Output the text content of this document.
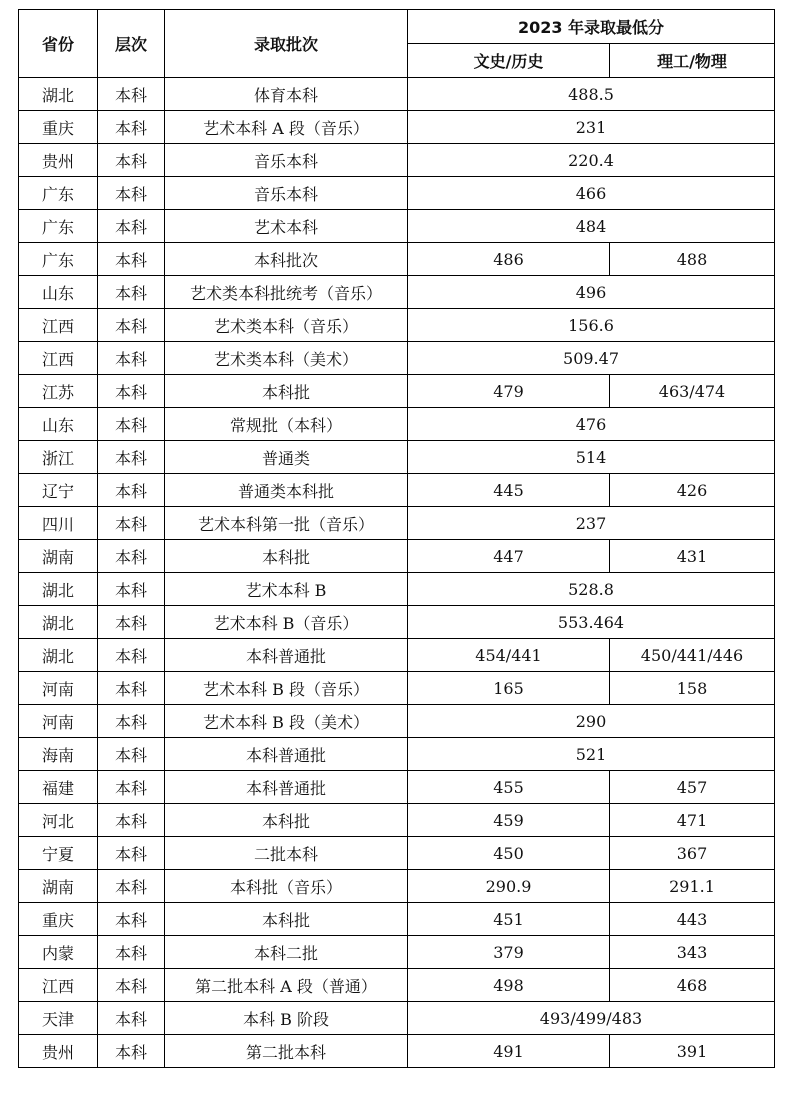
省份	层次	录取批次	2023 年录取最低分	
			文史/历史	理工/物理
湖北	本科	体育本科	488.5	
重庆	本科	艺术本科 A 段（音乐）	231	
贵州	本科	音乐本科	220.4	
广东	本科	音乐本科	466	
广东	本科	艺术本科	484	
广东	本科	本科批次	486	488
山东	本科	艺术类本科批统考（音乐）	496	
江西	本科	艺术类本科（音乐）	156.6	
江西	本科	艺术类本科（美术）	509.47	
江苏	本科	本科批	479	463/474
山东	本科	常规批（本科）	476	
浙江	本科	普通类	514	
辽宁	本科	普通类本科批	445	426
四川	本科	艺术本科第一批（音乐）	237	
湖南	本科	本科批	447	431
湖北	本科	艺术本科 B	528.8	
湖北	本科	艺术本科 B（音乐）	553.464	
湖北	本科	本科普通批	454/441	450/441/446
河南	本科	艺术本科 B 段（音乐）	165	158
河南	本科	艺术本科 B 段（美术）	290	
海南	本科	本科普通批	521	
福建	本科	本科普通批	455	457
河北	本科	本科批	459	471
宁夏	本科	二批本科	450	367
湖南	本科	本科批（音乐）	290.9	291.1
重庆	本科	本科批	451	443
内蒙	本科	本科二批	379	343
江西	本科	第二批本科 A 段（普通）	498	468
天津	本科	本科 B 阶段	493/499/483	
贵州	本科	第二批本科	491	391
